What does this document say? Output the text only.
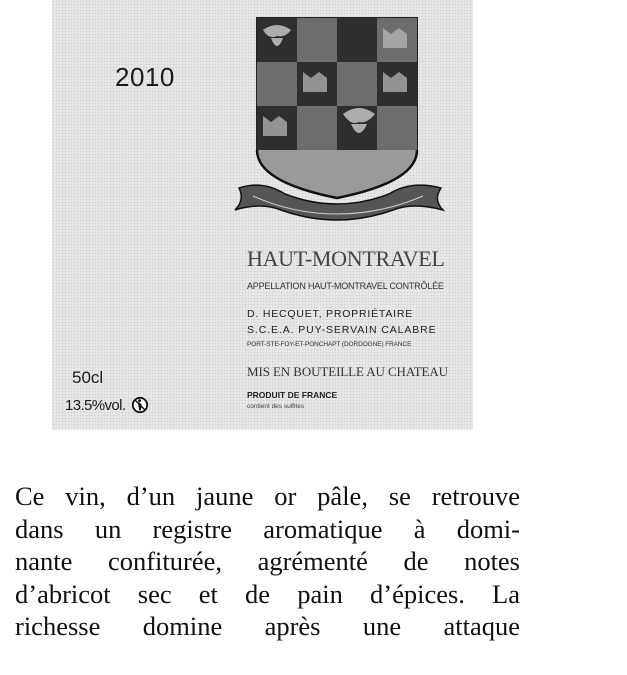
2010
HAUT-MONTRAVEL
APPELLATION HAUT-MONTRAVEL CONTRÔLÉE
D. HECQUET, PROPRIÉTAIRE
S.C.E.A. PUY-SERVAIN CALABRE
PORT-STE-FOY-ET-PONCHAPT (DORDOGNE) FRANCE
MIS EN BOUTEILLE AU CHATEAU
PRODUIT DE FRANCE
contient des sulfites
50cl
13.5%vol.
Ce vin, d’un jaune or pâle, se retrouve
dans un registre aromatique à domi-
nante confiturée, agrémenté de notes
d’abricot sec et de pain d’épices. La
richesse domine après une attaque
